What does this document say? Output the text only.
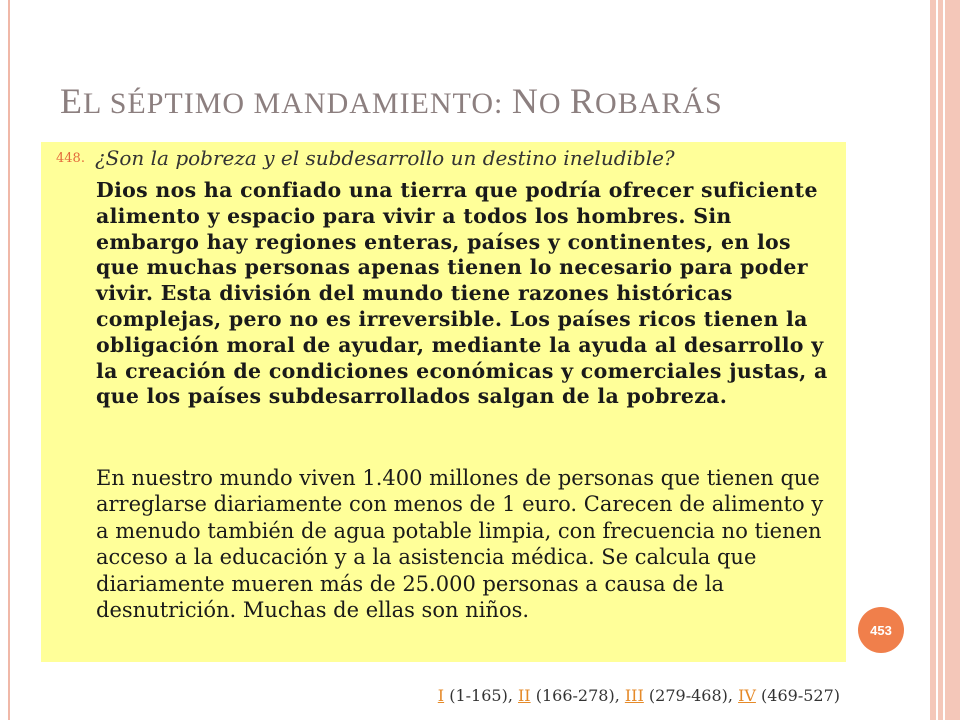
EL SÉPTIMO MANDAMIENTO: NO ROBARÁS
448. ¿Son la pobreza y el subdesarrollo un destino ineludible?
Dios nos ha confiado una tierra que podría ofrecer suficiente alimento y espacio para vivir a todos los hombres. Sin embargo hay regiones enteras, países y continentes, en los que muchas personas apenas tienen lo necesario para poder vivir. Esta división del mundo tiene razones históricas complejas, pero no es irreversible. Los países ricos tienen la obligación moral de ayudar, mediante la ayuda al desarrollo y la creación de condiciones económicas y comerciales justas, a que los países subdesarrollados salgan de la pobreza.
En nuestro mundo viven 1.400 millones de personas que tienen que arreglarse diariamente con menos de 1 euro. Carecen de alimento y a menudo también de agua potable limpia, con frecuencia no tienen acceso a la educación y a la asistencia médica. Se calcula que diariamente mueren más de 25.000 personas a causa de la desnutrición. Muchas de ellas son niños.
453
I (1-165), II (166-278), III (279-468), IV (469-527)
